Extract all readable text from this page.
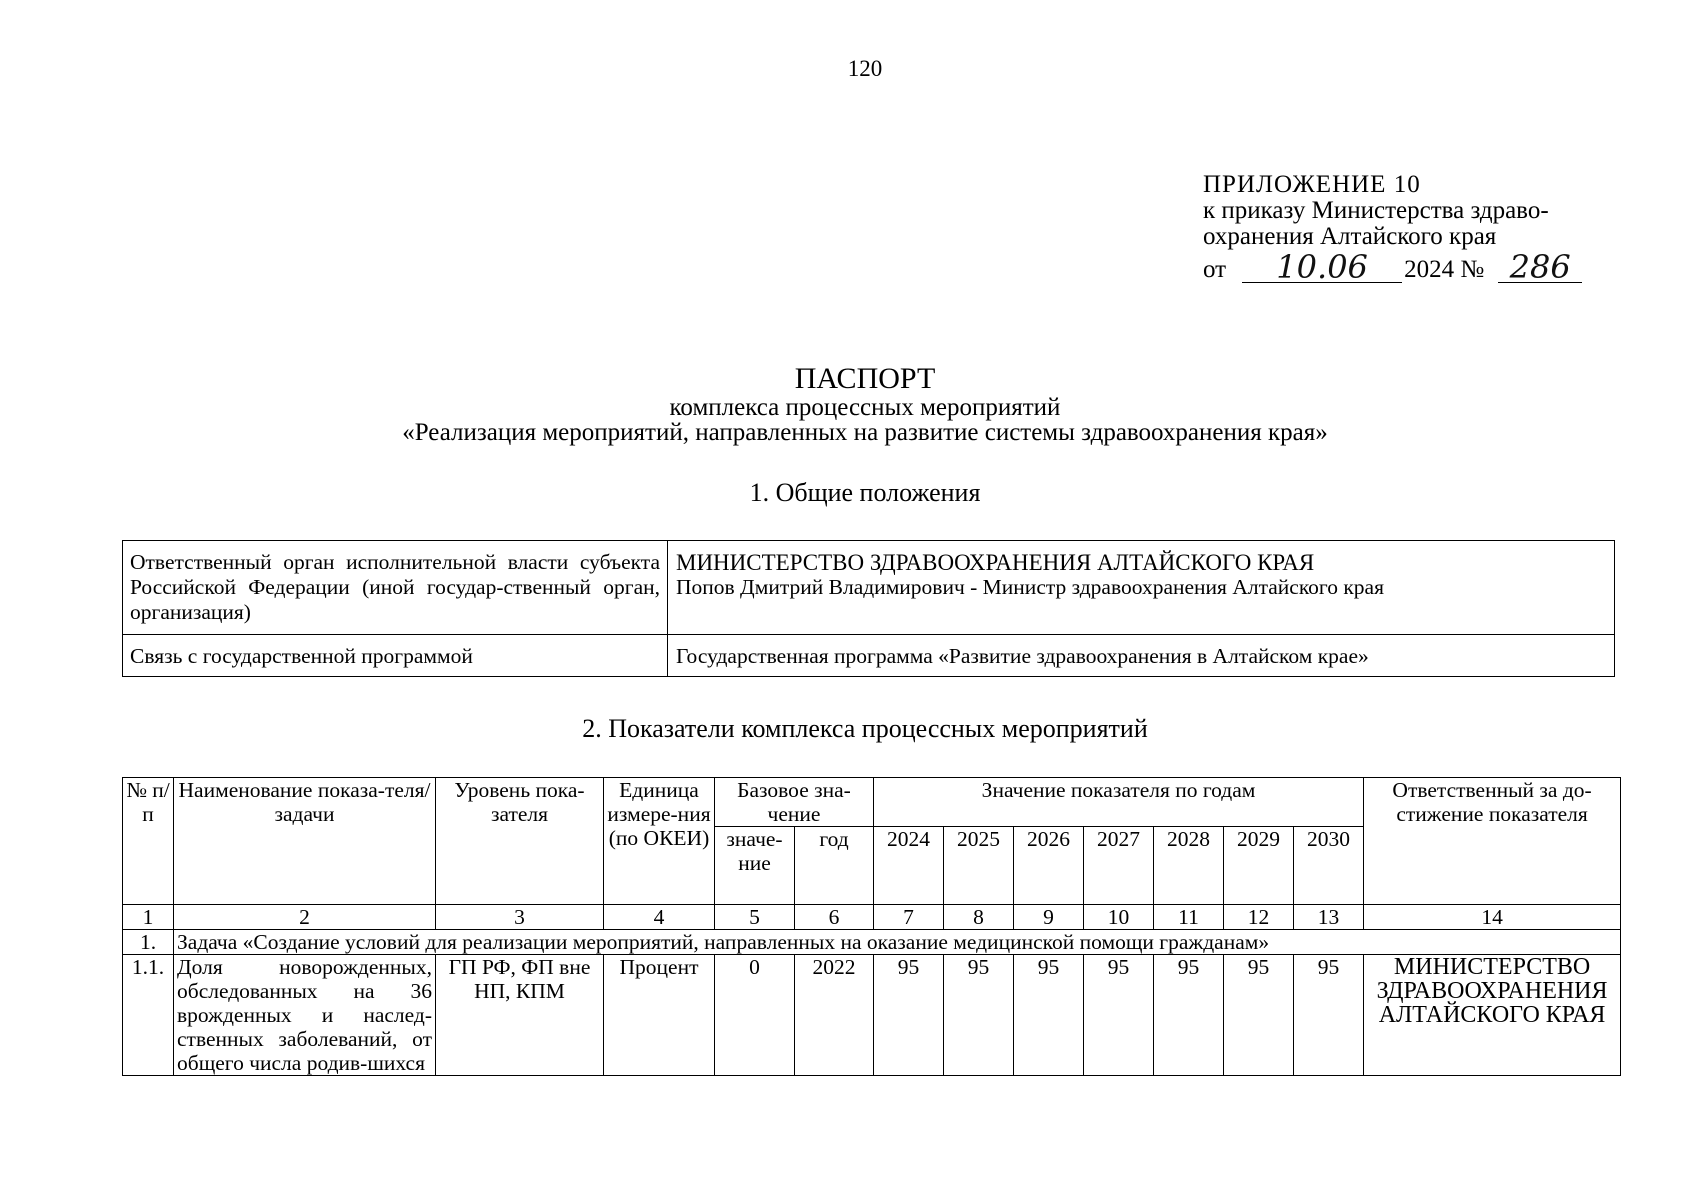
120
ПРИЛОЖЕНИЕ 10
к приказу Министерства здраво-
охранения Алтайского края
от	10.06	2024 № 286
ПАСПОРТ
комплекса процессных мероприятий
«Реализация мероприятий, направленных на развитие системы здравоохранения края»
1. Общие положения
Ответственный орган исполнительной власти субъекта Российской Федерации (иной государ-ственный орган, организация)	МИНИСТЕРСТВО ЗДРАВООХРАНЕНИЯ АЛТАЙСКОГО КРАЯ
Попов Дмитрий Владимирович - Министр здравоохранения Алтайского края

Связь с государственной программой	Государственная программа «Развитие здравоохранения в Алтайском крае»
2. Показатели комплекса процессных мероприятий
№ п/п	Наименование показа-теля/задачи	Уровень пока-зателя	Единица измере-ния (по ОКЕИ)	Базовое зна-чение		Значение показателя по годам							Ответственный за до-стижение показателя
				значе-ние	год	2024	2025	2026	2027	2028	2029	2030	
1	2	3	4	5	6	7	8	9	10	11	12	13	14
1.	Задача «Создание условий для реализации мероприятий, направленных на оказание медицинской помощи гражданам»												
1.1.	Доля новорожденных, обследованных на 36 врожденных и наслед-ственных заболеваний, от общего числа родив-шихся	ГП РФ, ФП вне НП, КПМ	Процент	0	2022	95	95	95	95	95	95	95	МИНИСТЕРСТВО ЗДРАВООХРАНЕНИЯ АЛТАЙСКОГО КРАЯ
